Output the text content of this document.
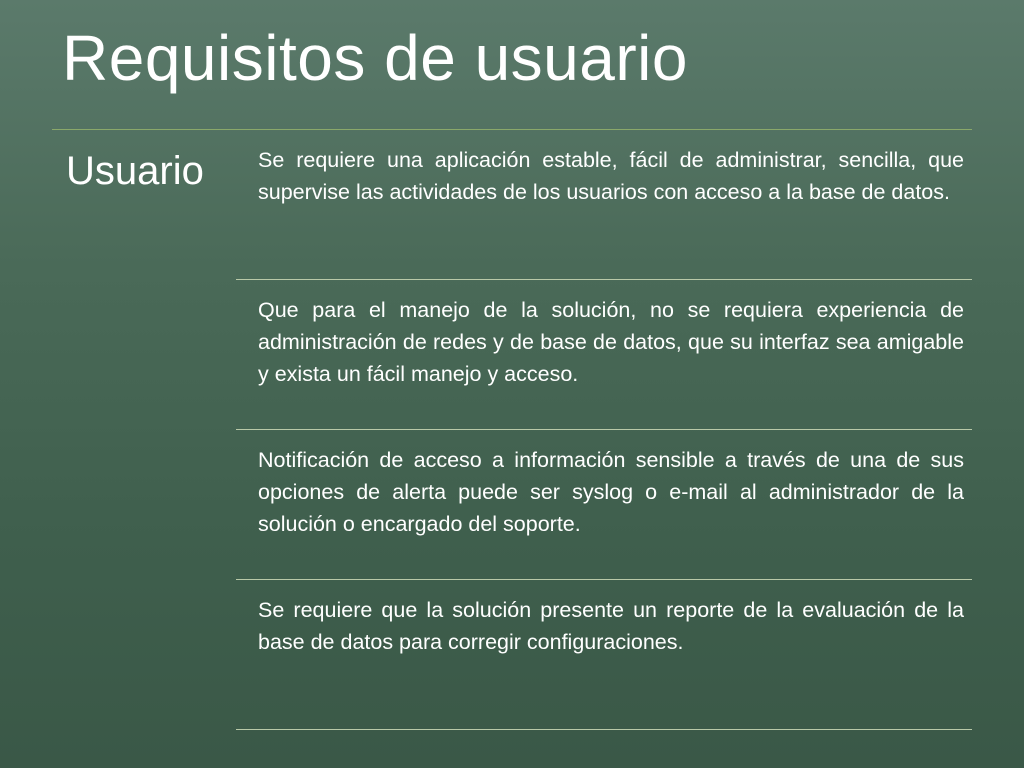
Requisitos de usuario
Usuario	Se requiere una aplicación estable, fácil de administrar, sencilla, que supervise las actividades de los usuarios con acceso a la base de datos.
Que para el manejo de la solución, no se requiera experiencia de administración de redes y de base de datos, que su interfaz sea amigable y exista un fácil manejo y acceso.
Notificación de acceso a información sensible a través de una de sus opciones de alerta puede ser syslog o e-mail al administrador de la solución o encargado del soporte.
Se requiere que la solución presente un reporte de la evaluación de la base de datos para corregir configuraciones.
